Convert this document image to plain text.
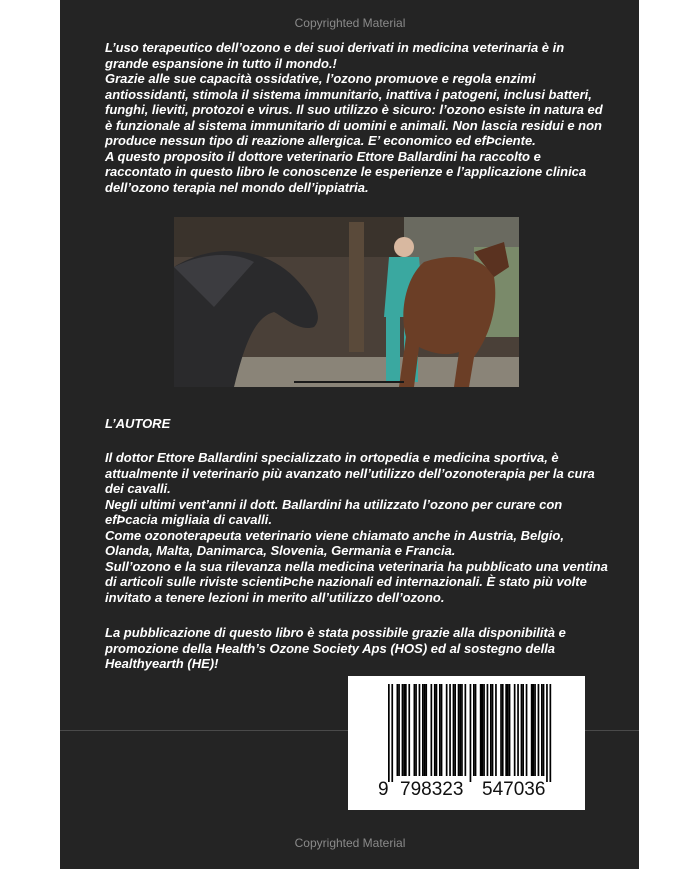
Copyrighted Material

L’uso terapeutico dell’ozono e dei suoi derivati in medicina veterinaria è in grande espansione in tutto il mondo.!

Grazie alle sue capacità ossidative, l’ozono promuove e regola enzimi antiossidanti, stimola il sistema immunitario, inattiva i patogeni, inclusi batteri, funghi, lieviti, protozoi e virus. Il suo utilizzo è sicuro: l’ozono esiste in natura ed è funzionale al sistema immunitario di uomini e animali. Non lascia residui e non produce nessun tipo di reazione allergica. E’ economico ed efÞciente.

A questo proposito il dottore veterinario Ettore Ballardini ha raccolto e raccontato in questo libro le conoscenze le esperienze e l’applicazione clinica dell’ozono terapia nel mondo dell’ippiatria.

L’AUTORE

Il dottor Ettore Ballardini specializzato in ortopedia e medicina sportiva, è attualmente il veterinario più avanzato nell’utilizzo dell’ozonoterapia per la cura dei cavalli.

Negli ultimi vent’anni il dott. Ballardini ha utilizzato l’ozono per curare con efÞcacia migliaia di cavalli.

Come ozonoterapeuta veterinario viene chiamato anche in Austria, Belgio, Olanda, Malta, Danimarca, Slovenia, Germania e Francia.

Sull’ozono e la sua rilevanza nella medicina veterinaria ha pubblicato una ventina di articoli sulle riviste scientiÞche nazionali ed internazionali. È stato più volte invitato a tenere lezioni in merito all’utilizzo dell’ozono.

La pubblicazione di questo libro è stata possibile grazie alla disponibilità e promozione della Health’s Ozone Society Aps (HOS) ed al sostegno della Healthyearth (HE)!
9 798323 547036
Copyrighted Material
